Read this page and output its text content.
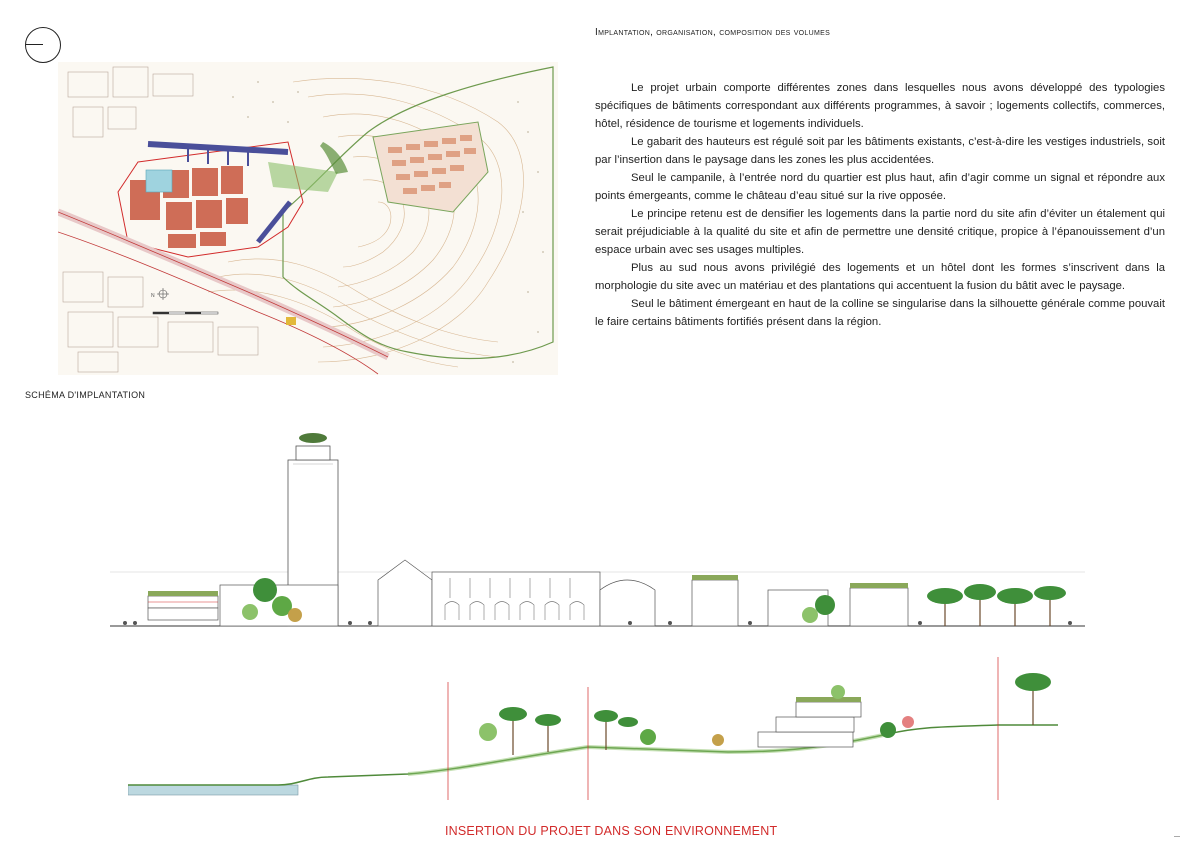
Implantation, organisation, composition des volumes
N

Le projet urbain comporte différentes zones dans lesquelles nous avons développé des typologies spécifiques de bâtiments correspondant aux différents programmes, à savoir ; logements collectifs, commerces, hôtel, résidence de tourisme et logements individuels.

Le gabarit des hauteurs est régulé soit par les bâtiments existants, c’est-à-dire les vestiges industriels, soit par l’insertion dans le paysage dans les zones les plus accidentées.

Seul le campanile, à l’entrée nord du quartier est plus haut, afin d’agir comme un signal et répondre aux points émergeants, comme le château d’eau situé sur la rive opposée.

Le principe retenu est de densifier les logements dans la partie nord du site afin d’éviter un étalement qui serait préjudiciable à la qualité du site et afin de permettre une densité critique, propice à l’épanouissement d’un espace urbain avec ses usages multiples.

Plus au sud nous avons privilégié des logements et un hôtel dont les formes s’inscrivent dans la morphologie du site avec un matériau et des plantations qui accentuent la fusion du bâtit avec le paysage.

Seul le bâtiment émergeant en haut de la colline se singularise dans la silhouette générale comme pouvait le faire certains bâtiments fortifiés présent dans la région.

SCHÉMA D'IMPLANTATION
INSERTION DU PROJET DANS SON ENVIRONNEMENT
